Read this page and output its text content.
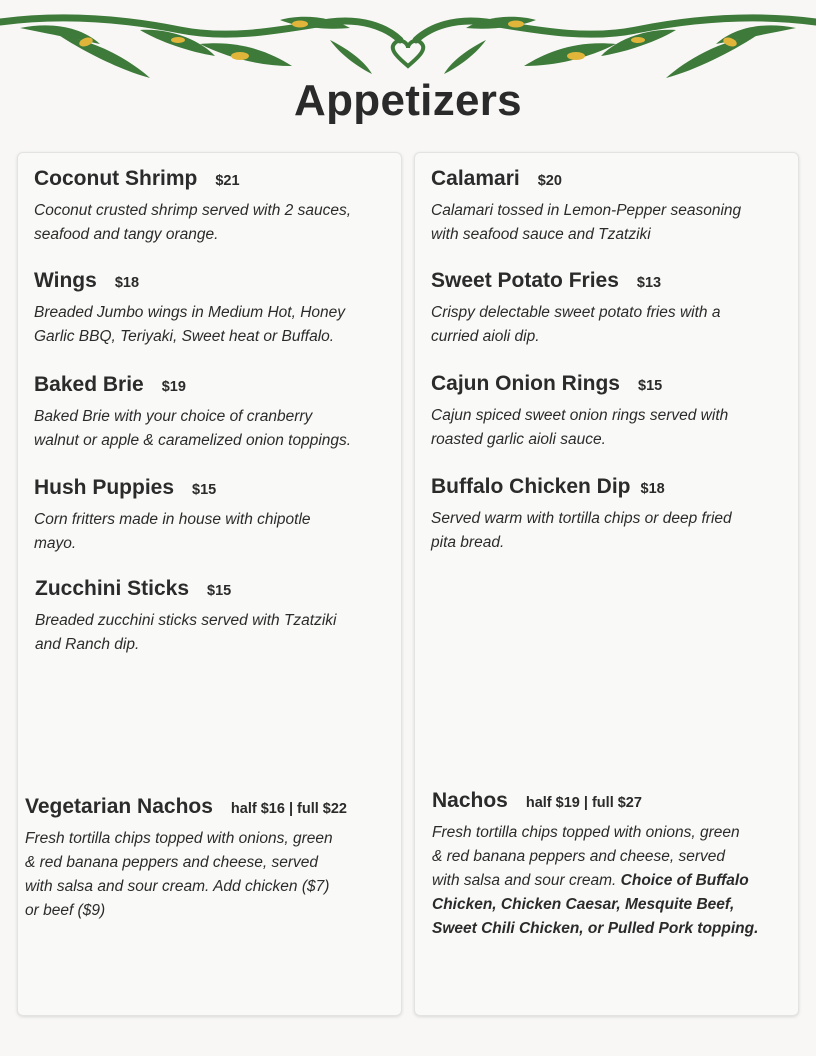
Appetizers
Coconut Shrimp $21
Coconut crusted shrimp served with 2 sauces,
seafood and tangy orange.
Wings $18
Breaded Jumbo wings in Medium Hot, Honey
Garlic BBQ, Teriyaki, Sweet heat or Buffalo.
Baked Brie $19
Baked Brie with your choice of cranberry
walnut or apple & caramelized onion toppings.
Hush Puppies $15
Corn fritters made in house with chipotle
mayo.
Zucchini Sticks $15
Breaded zucchini sticks served with Tzatziki
and Ranch dip.
Vegetarian Nachos half $16 | full $22
Fresh tortilla chips topped with onions, green
& red banana peppers and cheese, served
with salsa and sour cream. Add chicken ($7)
or beef ($9)
Calamari $20
Calamari tossed in Lemon-Pepper seasoning
with seafood sauce and Tzatziki
Sweet Potato Fries $13
Crispy delectable sweet potato fries with a
curried aioli dip.
Cajun Onion Rings $15
Cajun spiced sweet onion rings served with
roasted garlic aioli sauce.
Buffalo Chicken Dip $18
Served warm with tortilla chips or deep fried
pita bread.
Nachos half $19 | full $27
Fresh tortilla chips topped with onions, green
& red banana peppers and cheese, served
with salsa and sour cream. Choice of Buffalo
Chicken, Chicken Caesar, Mesquite Beef,
Sweet Chili Chicken, or Pulled Pork topping.
